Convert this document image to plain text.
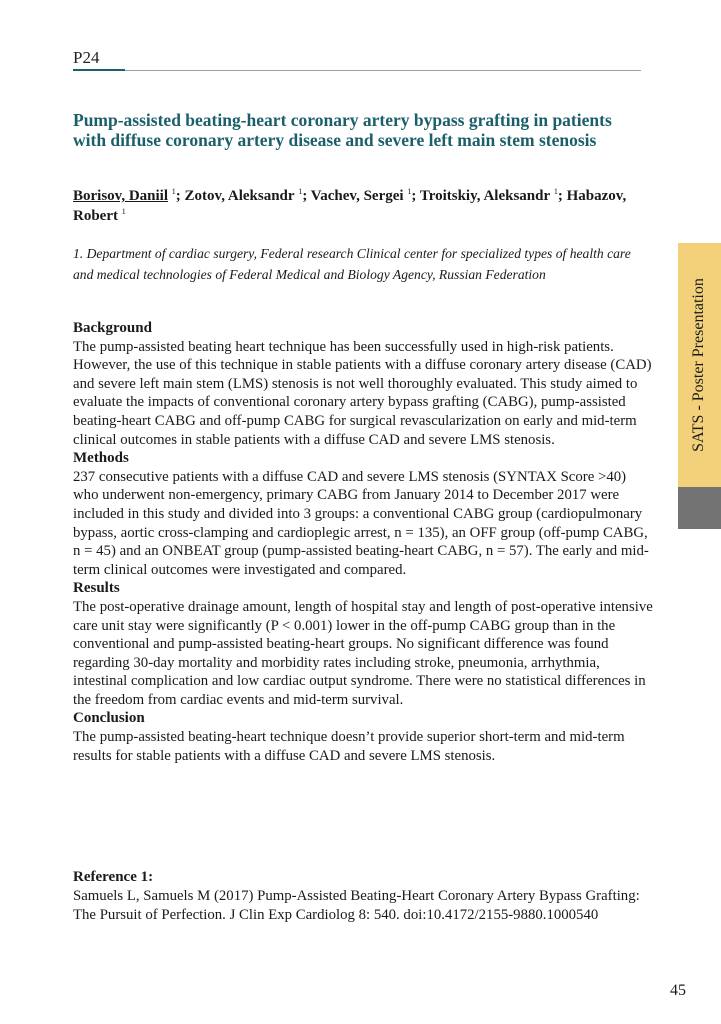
P24
Pump-assisted beating-heart coronary artery bypass grafting in patients with diffuse coronary artery disease and severe left main stem stenosis
Borisov, Daniil $^1$; Zotov, Aleksandr $^1$; Vachev, Sergei $^1$; Troitskiy, Aleksandr $^1$; Habazov, Robert $^1$
1. Department of cardiac surgery, Federal research Clinical center for specialized types of health care and medical technologies of Federal Medical and Biology Agency, Russian Federation
Background

The pump-assisted beating heart technique has been successfully used in high-risk patients. However, the use of this technique in stable patients with a diffuse coronary artery disease (CAD) and severe left main stem (LMS) stenosis is not well thoroughly evaluated. This study aimed to evaluate the impacts of conventional coronary artery bypass grafting (CABG), pump-assisted beating-heart CABG and off-pump CABG for surgical revascularization on early and mid-term clinical outcomes in stable patients with a diffuse CAD and severe LMS stenosis.

Methods

237 consecutive patients with a diffuse CAD and severe LMS stenosis (SYNTAX Score >40) who underwent non-emergency, primary CABG from January 2014 to December 2017 were included in this study and divided into 3 groups: a conventional CABG group (cardiopulmonary bypass, aortic cross-clamping and cardioplegic arrest, n = 135), an OFF group (off-pump CABG, n = 45) and an ONBEAT group (pump-assisted beating-heart CABG, n = 57). The early and mid-term clinical outcomes were investigated and compared.

Results

The post-operative drainage amount, length of hospital stay and length of post-operative intensive care unit stay were significantly (P < 0.001) lower in the off-pump CABG group than in the conventional and pump-assisted beating-heart groups. No significant difference was found regarding 30-day mortality and morbidity rates including stroke, pneumonia, arrhythmia, intestinal complication and low cardiac output syndrome. There were no statistical differences in the freedom from cardiac events and mid-term survival.

Conclusion

The pump-assisted beating-heart technique doesn’t provide superior short-term and mid-term results for stable patients with a diffuse CAD and severe LMS stenosis.

Reference 1:

Samuels L, Samuels M (2017) Pump-Assisted Beating-Heart Coronary Artery Bypass Grafting: The Pursuit of Perfection. J Clin Exp Cardiolog 8: 540. doi:10.4172/2155-9880.1000540

SATS - Poster Presentation
45
